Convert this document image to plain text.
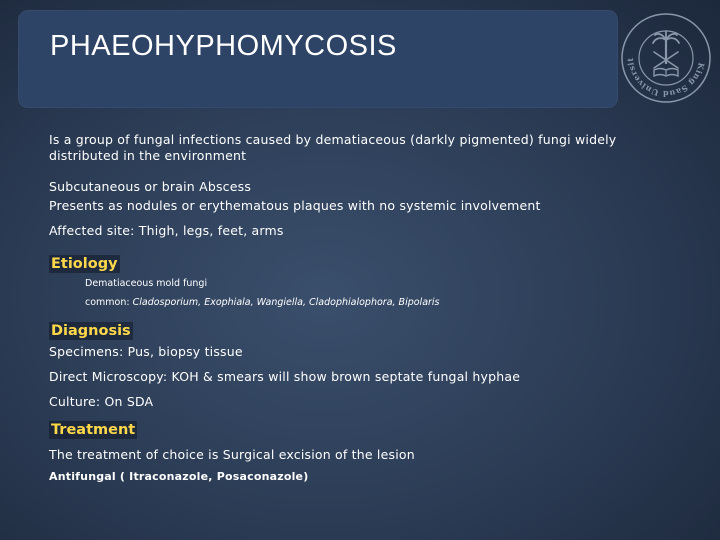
PHAEOHYPHOMYCOSIS
King Saud Universit
Is a group of fungal infections caused by dematiaceous (darkly pigmented) fungi widely
distributed in the environment
Subcutaneous or brain Abscess
Presents as nodules or erythematous plaques with no systemic involvement
Affected site: Thigh, legs, feet, arms
Etiology
Dematiaceous mold fungi
common: Cladosporium, Exophiala, Wangiella, Cladophialophora, Bipolaris
Diagnosis
Specimens: Pus, biopsy tissue
Direct Microscopy: KOH & smears will show brown septate fungal hyphae
Culture: On SDA
Treatment
The treatment of choice is Surgical excision of the lesion
Antifungal ( Itraconazole, Posaconazole)
